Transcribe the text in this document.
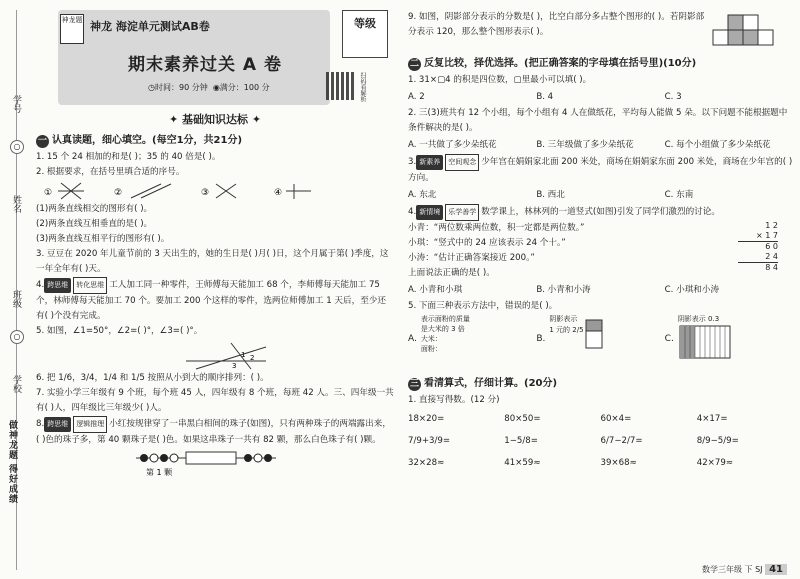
学号
○
姓名
班级
○
学校
做神龙题 得好成绩
神龙题 神龙 海淀单元测试AB卷
期末素养过关 A 卷
◷时间：90 分钟 ◉满分：100 分
等级
扫码看解析
✦ 基础知识达标 ✦
一 认真读题，细心填空。(每空1分，共21分)
1. 15 个 24 相加的和是( )；35 的 40 倍是( )。
2. 根据要求，在括号里填合适的序号。
①	②	③	④
(1)两条直线相交的图形有( )。
(2)两条直线互相垂直的是( )。
(3)两条直线互相平行的图形有( )。
3. 豆豆在 2020 年儿童节前的 3 天出生的，她的生日是( )月( )日，这个月属于第( )季度，这一年全年有( )天。
4. 跨思维 转化思维 工人加工同一种零件，王师傅每天能加工 68 个，李师傅每天能加工 75 个，林师傅每天能加工 70 个。要加工 200 个这样的零件，选两位师傅加工 1 天后，至少还有( )个没有完成。
5. 如图，∠1=50°，∠2=( )°，∠3=( )°。
1 2
3
6. 把 1/6，3/4，1/4 和 1/5 按照从小到大的顺序排列：( )。
7. 实验小学三年级有 9 个班，每个班 45 人，四年级有 8 个班，每班 42 人。三、四年级一共有( )人，四年级比三年级少( )人。
8. 跨思维 逻辑推理 小红按规律穿了一串黑白相间的珠子(如图)，只有两种珠子的两端露出来，( )色的珠子多，第 40 颗珠子是( )色。如果这串珠子一共有 82 颗，那么白色珠子有( )颗。
第 1 颗
9. 如图，阴影部分表示的分数是( )，比空白部分多占整个图形的( )。若阴影部分表示 120，那么整个图形表示( )。
二 反复比较，择优选择。(把正确答案的字母填在括号里)(10分)
1. 31×▢4 的积是四位数，▢里最小可以填( )。
A. 2	B. 4	C. 3
2. 三(3)班共有 12 个小组，每个小组有 4 人在做纸花，平均每人能做 5 朵。以下问题不能根据题中条件解决的是( )。
A. 一共做了多少朵纸花	B. 三年级做了多少朵纸花	C. 每个小组做了多少朵纸花
3. 新素养 空间观念 少年宫在娟娟家北面 200 米处，商场在娟娟家东面 200 米处，商场在少年宫的( )方向。
A. 东北	B. 西北	C. 东南
4. 新情境 乐学善学 数学课上，林林列的一道竖式(如图)引发了同学们激烈的讨论。
小青：“两位数乘两位数，积一定都是两位数。”
小琪：“竖式中的 24 应该表示 24 个十。”
小涛：“估计正确答案接近 200。”
上面说法正确的是( )。
1 2
× 1 7
6 0
2 4
8 4
A. 小青和小琪	B. 小青和小涛	C. 小琪和小涛
5. 下面三种表示方法中，错误的是( )。
A.
表示面粉的质量
是大米的 3 倍
大米：
面粉：
B.
阴影表示
1 元的 2/5
C.
阴影表示 0.3
三 看清算式，仔细计算。(20分)
1. 直接写得数。(12 分)
18×20=	80×50=	60×4=	4×17=
7/9+3/9=	1−5/8=	6/7−2/7=	8/9−5/9=
32×28≈	41×59≈	39×68≈	42×79≈
数学三年级 下 SJ 41
